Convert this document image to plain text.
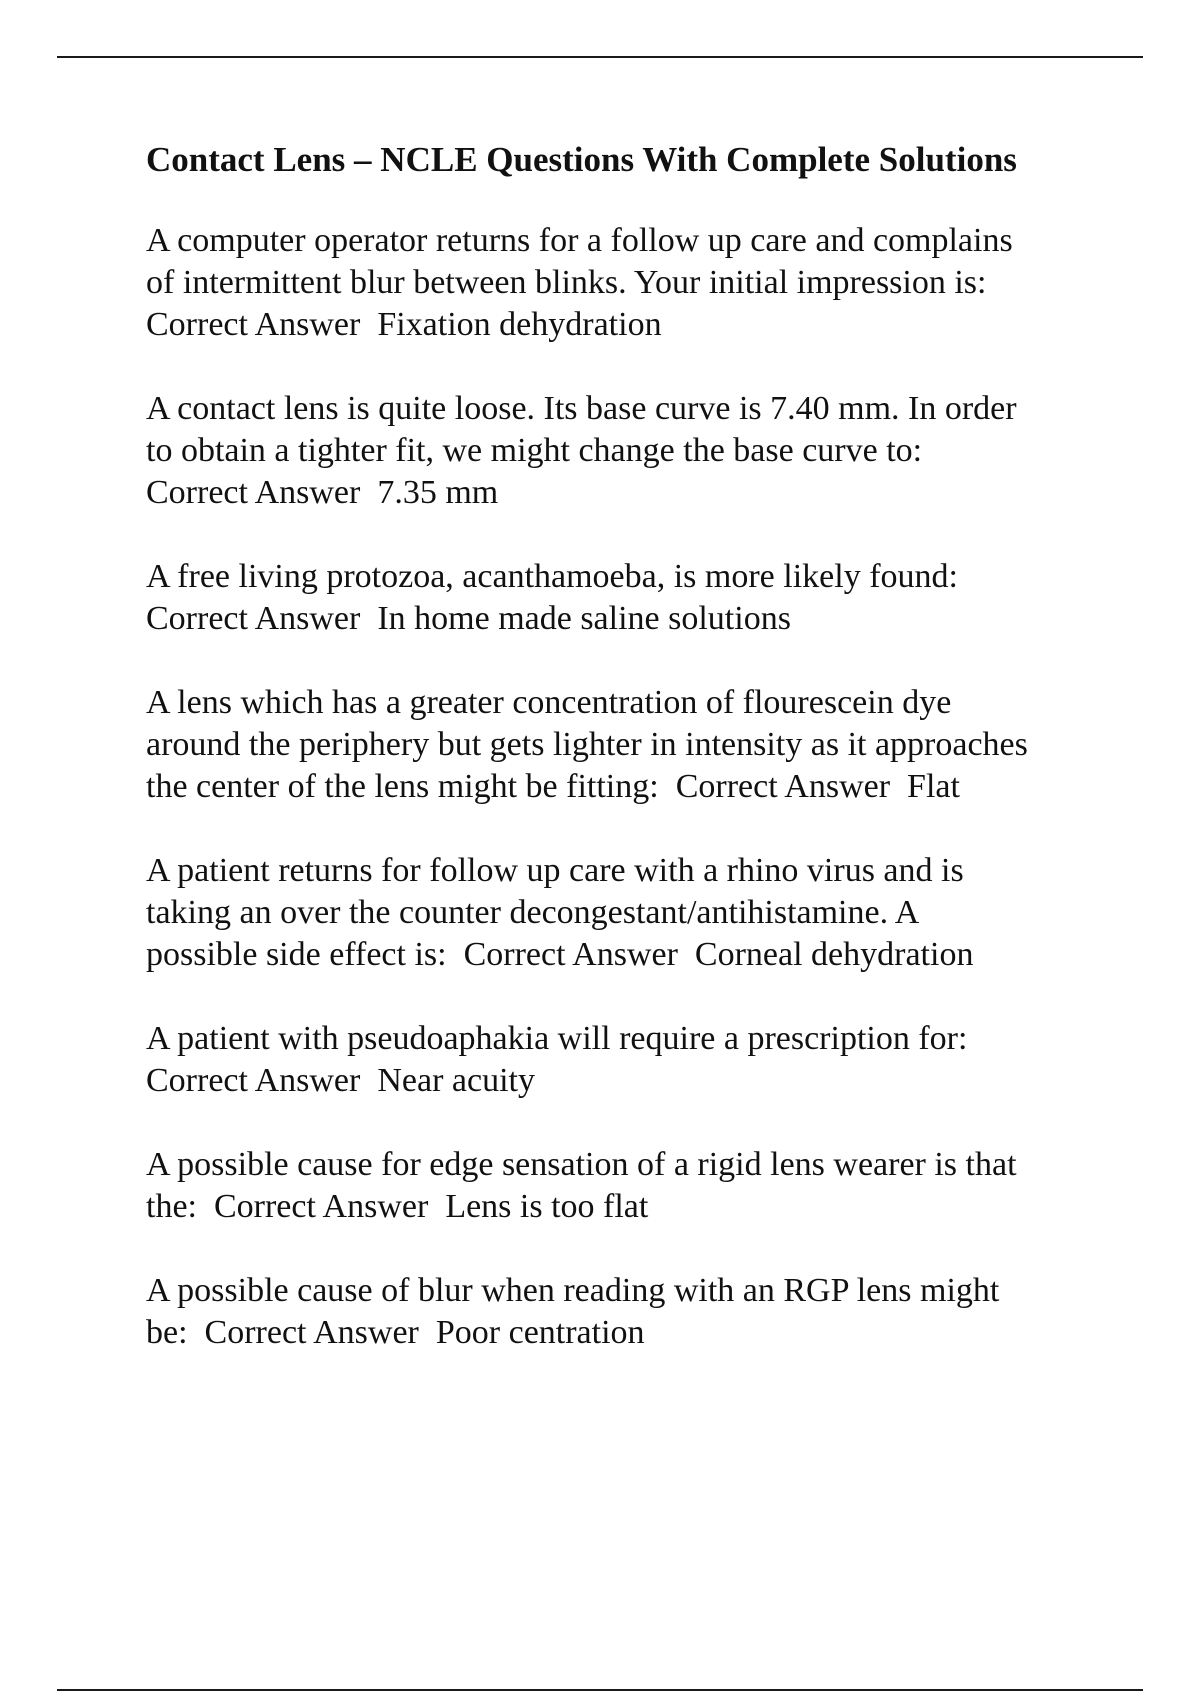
Contact Lens – NCLE Questions With Complete Solutions
A computer operator returns for a follow up care and complains
of intermittent blur between blinks. Your initial impression is:
Correct Answer Fixation dehydration
A contact lens is quite loose. Its base curve is 7.40 mm. In order
to obtain a tighter fit, we might change the base curve to:
Correct Answer 7.35 mm
A free living protozoa, acanthamoeba, is more likely found:
Correct Answer In home made saline solutions
A lens which has a greater concentration of flourescein dye
around the periphery but gets lighter in intensity as it approaches
the center of the lens might be fitting: Correct Answer Flat
A patient returns for follow up care with a rhino virus and is
taking an over the counter decongestant/antihistamine. A
possible side effect is: Correct Answer Corneal dehydration
A patient with pseudoaphakia will require a prescription for:
Correct Answer Near acuity
A possible cause for edge sensation of a rigid lens wearer is that
the: Correct Answer Lens is too flat
A possible cause of blur when reading with an RGP lens might
be: Correct Answer Poor centration
